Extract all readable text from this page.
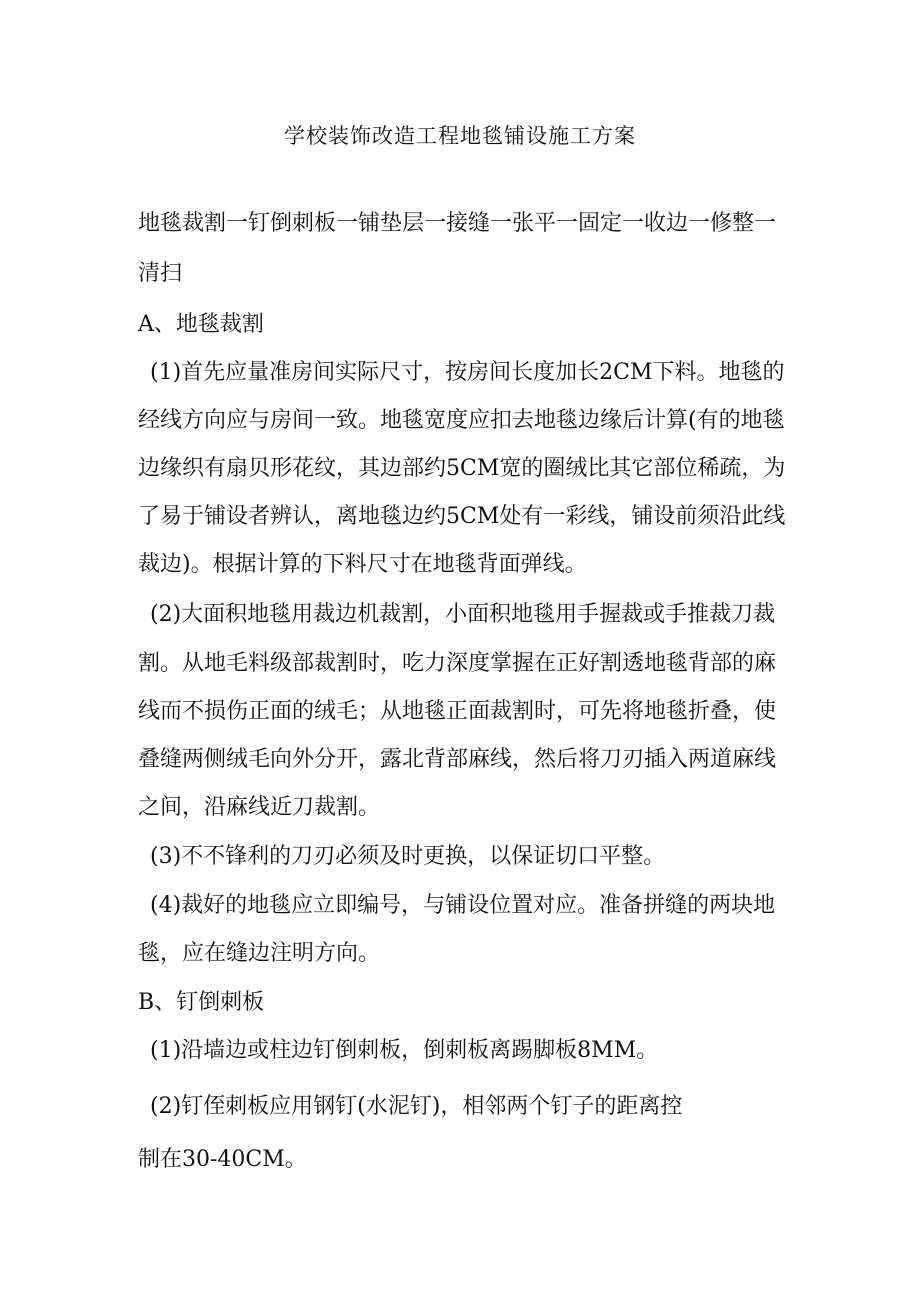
学校装饰改造工程地毯铺设施工方案
地毯裁割一钉倒刺板一铺垫层一接缝一张平一固定一收边一修整一
清扫
A、地毯裁割
(1)首先应量准房间实际尺寸，按房间长度加长2CM下料。地毯的
经线方向应与房间一致。地毯宽度应扣去地毯边缘后计算(有的地毯
边缘织有扇贝形花纹，其边部约5CM宽的圈绒比其它部位稀疏，为
了易于铺设者辨认，离地毯边约5CM处有一彩线，铺设前须沿此线
裁边)。根据计算的下料尺寸在地毯背面弹线。
(2)大面积地毯用裁边机裁割，小面积地毯用手握裁或手推裁刀裁
割。从地毛料级部裁割时，吃力深度掌握在正好割透地毯背部的麻
线而不损伤正面的绒毛；从地毯正面裁割时，可先将地毯折叠，使
叠缝两侧绒毛向外分开，露北背部麻线，然后将刀刃插入两道麻线
之间，沿麻线近刀裁割。
(3)不不锋利的刀刃必须及时更换，以保证切口平整。
(4)裁好的地毯应立即编号，与铺设位置对应。准备拼缝的两块地
毯，应在缝边注明方向。
B、钉倒刺板
(1)沿墙边或柱边钉倒刺板，倒刺板离踢脚板8MM。
(2)钉侄刺板应用钢钉(水泥钉)，相邻两个钉子的距离控
制在30-40CM。
